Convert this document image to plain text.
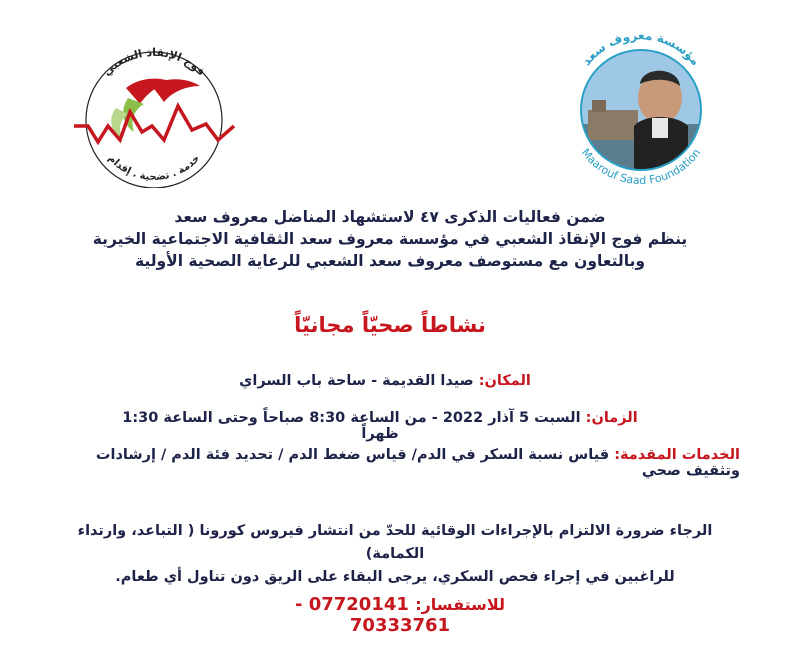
فوج الإنقاذ الشعبي
خدمة . تضحية . إقدام
مؤسسة معروف سعد
Maarouf Saad Foundation
ضمن فعاليات الذكرى ٤٧ لاستشهاد المناضل معروف سعد
ينظم فوج الإنقاذ الشعبي في مؤسسة معروف سعد الثقافية الاجتماعية الخيرية
وبالتعاون مع مستوصف معروف سعد الشعبي للرعاية الصحية الأولية
نشاطاً صحيّاً مجانيّاً
المكان: صيدا القديمة - ساحة باب السراي
الزمان: السبت 5 آذار 2022 - من الساعة 8:30 صباحاً وحتى الساعة 1:30 ظهراً
الخدمات المقدمة: قياس نسبة السكر في الدم/ قياس ضغط الدم / تحديد فئة الدم / إرشادات وتثقيف صحي
الرجاء ضرورة الالتزام بالإجراءات الوقائية للحدّ من انتشار فيروس كورونا ( التباعد، وارتداء الكمامة)
للراغبين في إجراء فحص السكري، يرجى البقاء على الريق دون تناول أي طعام.
للاستفسار: 07720141 - 70333761
